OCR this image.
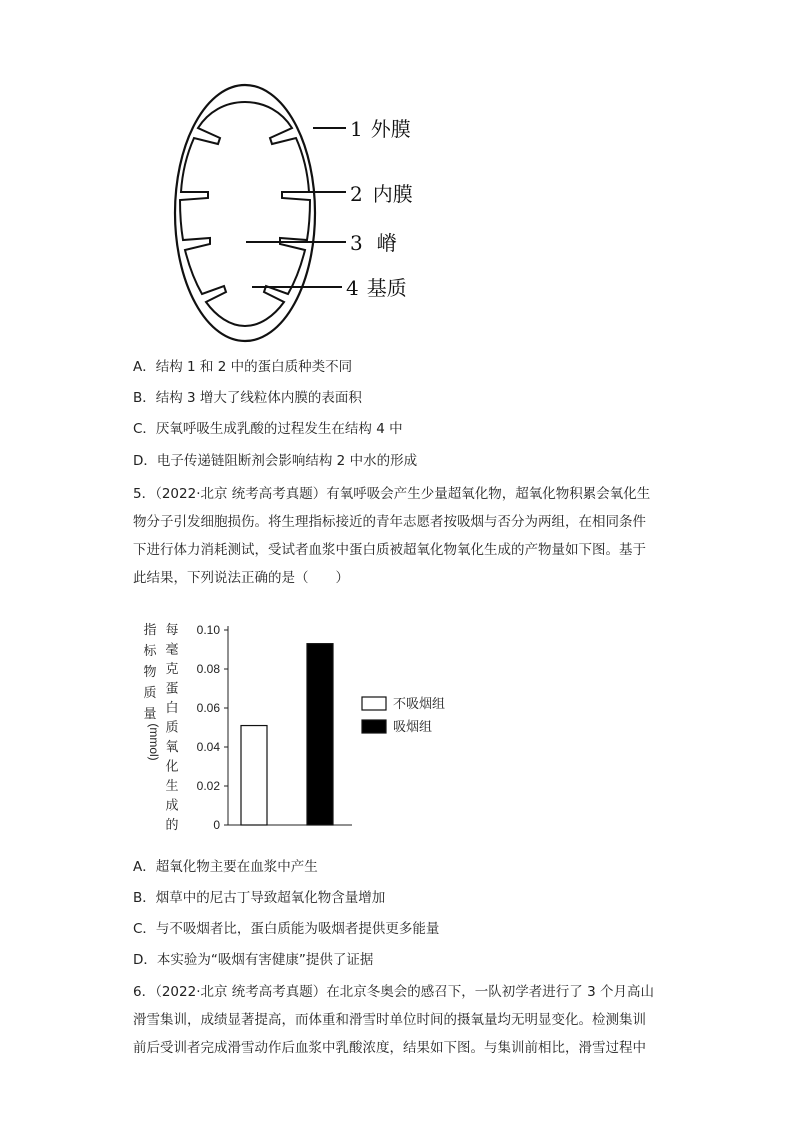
1 外膜
2 内膜
3 嵴
4 基质
A．结构 1 和 2 中的蛋白质种类不同
B．结构 3 增大了线粒体内膜的表面积
C．厌氧呼吸生成乳酸的过程发生在结构 4 中
D．电子传递链阻断剂会影响结构 2 中水的形成
5．（2022·北京 统考高考真题）有氧呼吸会产生少量超氧化物，超氧化物积累会氧化生
物分子引发细胞损伤。将生理指标接近的青年志愿者按吸烟与否分为两组，在相同条件
下进行体力消耗测试，受试者血浆中蛋白质被超氧化物氧化生成的产物量如下图。基于
此结果，下列说法正确的是（　　）
指
标
物
质
量
(mmol)
每
毫
克
蛋
白
质
氧
化
生
成
的
0.10
0.08
0.06
0.04
0.02
0
不吸烟组
吸烟组
A．超氧化物主要在血浆中产生
B．烟草中的尼古丁导致超氧化物含量增加
C．与不吸烟者比，蛋白质能为吸烟者提供更多能量
D．本实验为“吸烟有害健康”提供了证据
6．（2022·北京 统考高考真题）在北京冬奥会的感召下，一队初学者进行了 3 个月高山
滑雪集训，成绩显著提高，而体重和滑雪时单位时间的摄氧量均无明显变化。检测集训
前后受训者完成滑雪动作后血浆中乳酸浓度，结果如下图。与集训前相比，滑雪过程中
